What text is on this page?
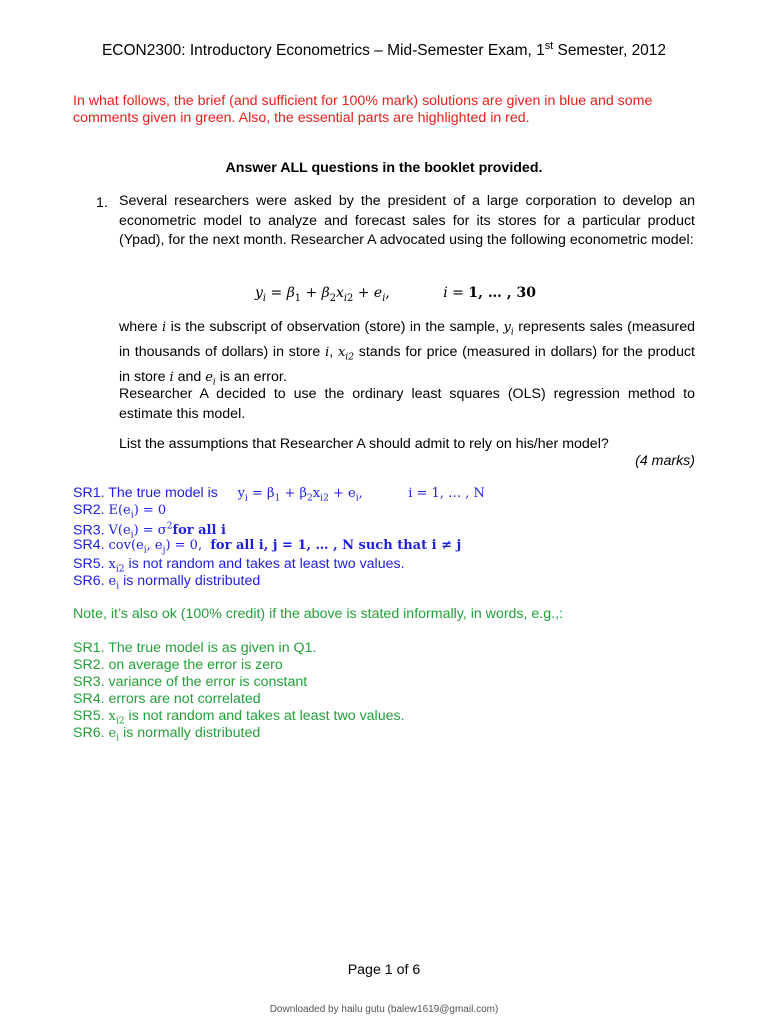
ECON2300: Introductory Econometrics – Mid-Semester Exam, 1st Semester, 2012
In what follows, the brief (and sufficient for 100% mark) solutions are given in blue and some comments given in green. Also, the essential parts are highlighted in red.
Answer ALL questions in the booklet provided.
1. Several researchers were asked by the president of a large corporation to develop an econometric model to analyze and forecast sales for its stores for a particular product (Ypad), for the next month. Researcher A advocated using the following econometric model:
$y_i = \beta_1 + \beta_2x_{i2} + e_i$,            i = 1, … , 30
where i is the subscript of observation (store) in the sample, $y_i$ represents sales (measured in thousands of dollars) in store i, $x_{i2}$ stands for price (measured in dollars) for the product in store i and $e_i$ is an error.
Researcher A decided to use the ordinary least squares (OLS) regression method to estimate this model.
List the assumptions that Researcher A should admit to rely on his/her model?
(4 marks)
SR1. The true model is $y_i = \beta_1 + \beta_2x_{i2} + e_i$,           i = 1, … , N
SR2. $E(e_i) = 0$
SR3. $V(e_i) = \sigma^2for$ all i
SR4. $cov(e_i$, $e_j) = 0$,  for all i, j = 1, … , N such that i ≠ j
SR5. $x_{i2}$ is not random and takes at least two values.
SR6. $e_i$ is normally distributed
Note, it’s also ok (100% credit) if the above is stated informally, in words, e.g.,:
SR1. The true model is as given in Q1.
SR2. on average the error is zero
SR3. variance of the error is constant
SR4. errors are not correlated
SR5. $x_{i2}$ is not random and takes at least two values.
SR6. $e_i$ is normally distributed
Page 1 of 6
Downloaded by hailu gutu (balew1619@gmail.com)
